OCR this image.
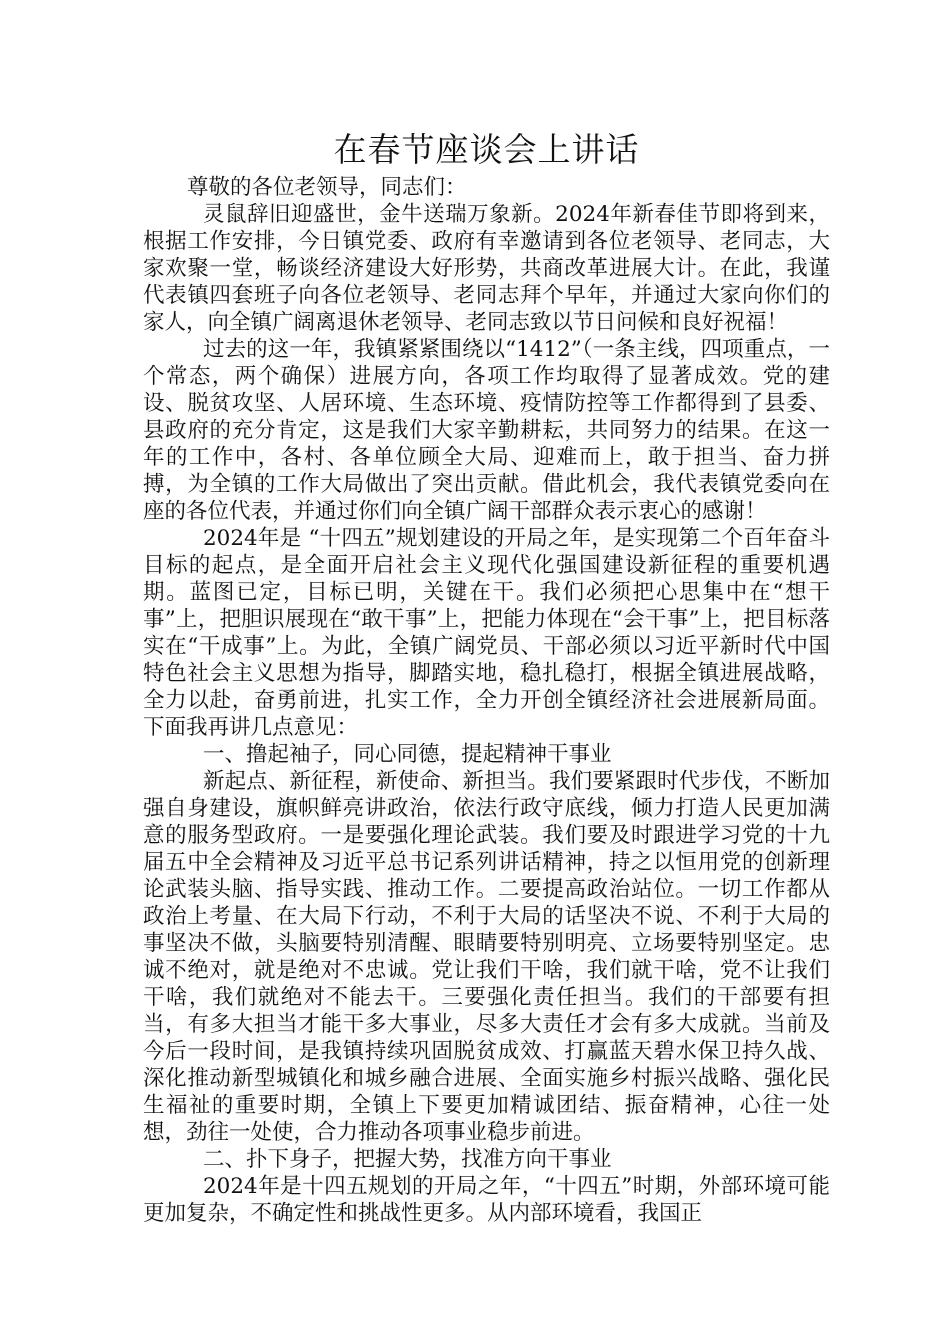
在春节座谈会上讲话

尊敬的各位老领导，同志们：

灵鼠辞旧迎盛世，金牛送瑞万象新。2024年新春佳节即将到来，根据工作安排，今日镇党委、政府有幸邀请到各位老领导、老同志，大家欢聚一堂，畅谈经济建设大好形势，共商改革进展大计。在此，我谨代表镇四套班子向各位老领导、老同志拜个早年，并通过大家向你们的家人，向全镇广阔离退休老领导、老同志致以节日问候和良好祝福！

过去的这一年，我镇紧紧围绕以“1412”（一条主线，四项重点，一个常态，两个确保）进展方向，各项工作均取得了显著成效。党的建设、脱贫攻坚、人居环境、生态环境、疫情防控等工作都得到了县委、县政府的充分肯定，这是我们大家辛勤耕耘，共同努力的结果。在这一年的工作中，各村、各单位顾全大局、迎难而上，敢于担当、奋力拼搏，为全镇的工作大局做出了突出贡献。借此机会，我代表镇党委向在座的各位代表，并通过你们向全镇广阔干部群众表示衷心的感谢！

2024年是 “十四五”规划建设的开局之年，是实现第二个百年奋斗目标的起点，是全面开启社会主义现代化强国建设新征程的重要机遇期。蓝图已定，目标已明，关键在干。我们必须把心思集中在“想干事”上，把胆识展现在“敢干事”上，把能力体现在“会干事”上，把目标落实在“干成事”上。为此，全镇广阔党员、干部必须以习近平新时代中国特色社会主义思想为指导，脚踏实地，稳扎稳打，根据全镇进展战略，全力以赴，奋勇前进，扎实工作，全力开创全镇经济社会进展新局面。下面我再讲几点意见：

一、撸起袖子，同心同德，提起精神干事业

新起点、新征程，新使命、新担当。我们要紧跟时代步伐，不断加强自身建设，旗帜鲜亮讲政治，依法行政守底线，倾力打造人民更加满意的服务型政府。一是要强化理论武装。我们要及时跟进学习党的十九届五中全会精神及习近平总书记系列讲话精神，持之以恒用党的创新理论武装头脑、指导实践、推动工作。二要提高政治站位。一切工作都从政治上考量、在大局下行动，不利于大局的话坚决不说、不利于大局的事坚决不做，头脑要特别清醒、眼睛要特别明亮、立场要特别坚定。忠诚不绝对，就是绝对不忠诚。党让我们干啥，我们就干啥，党不让我们干啥，我们就绝对不能去干。三要强化责任担当。我们的干部要有担当，有多大担当才能干多大事业，尽多大责任才会有多大成就。当前及今后一段时间，是我镇持续巩固脱贫成效、打赢蓝天碧水保卫持久战、深化推动新型城镇化和城乡融合进展、全面实施乡村振兴战略、强化民生福祉的重要时期，全镇上下要更加精诚团结、振奋精神，心往一处想，劲往一处使，合力推动各项事业稳步前进。

二、扑下身子，把握大势，找准方向干事业

2024年是十四五规划的开局之年，“十四五”时期，外部环境可能更加复杂，不确定性和挑战性更多。从内部环境看，我国正
